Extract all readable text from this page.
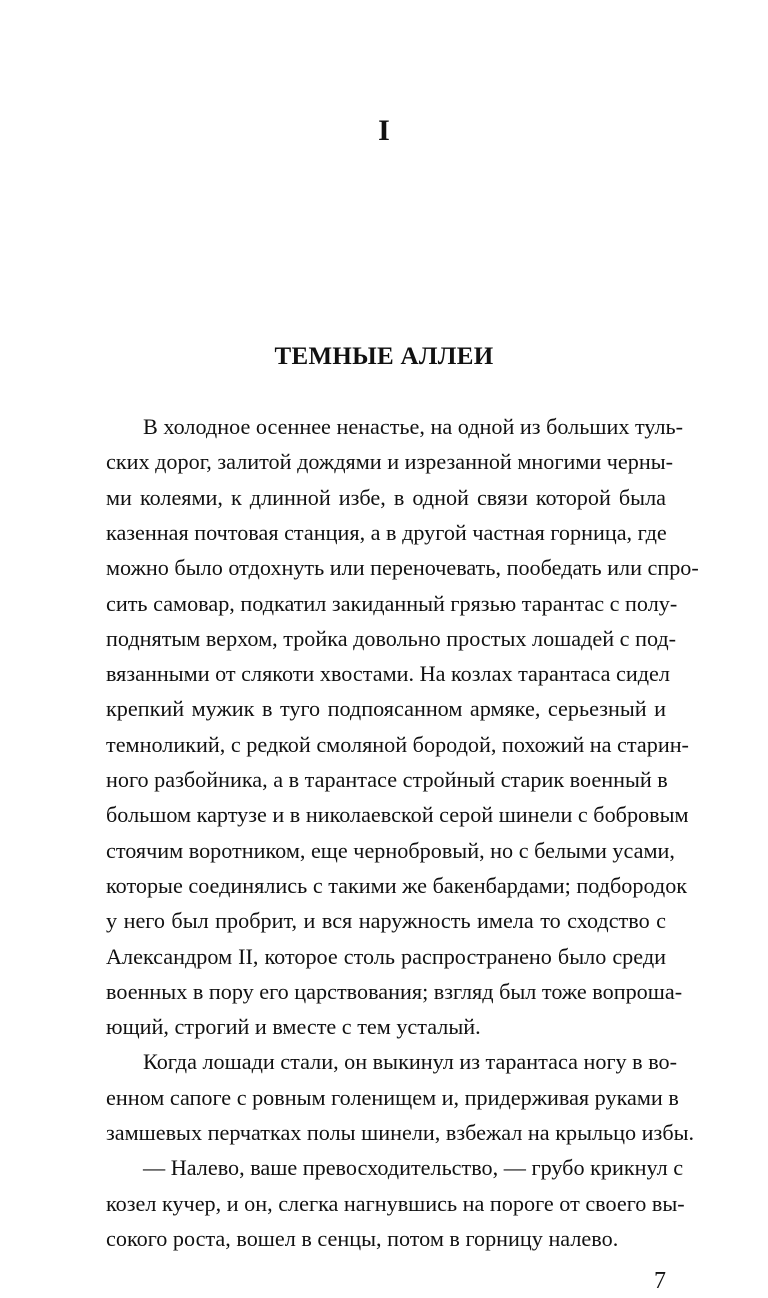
I
ТЕМНЫЕ АЛЛЕИ
В холодное осеннее ненастье, на одной из больших туль-
ских дорог, залитой дождями и изрезанной многими черны-
ми колеями, к длинной избе, в одной связи которой была
казенная почтовая станция, а в другой частная горница, где
можно было отдохнуть или переночевать, пообедать или спро-
сить самовар, подкатил закиданный грязью тарантас с полу-
поднятым верхом, тройка довольно простых лошадей с под-
вязанными от слякоти хвостами. На козлах тарантаса сидел
крепкий мужик в туго подпоясанном армяке, серьезный и
темноликий, с редкой смоляной бородой, похожий на старин-
ного разбойника, а в тарантасе стройный старик военный в
большом картузе и в николаевской серой шинели с бобровым
стоячим воротником, еще чернобровый, но с белыми усами,
которые соединялись с такими же бакенбардами; подбородок
у него был пробрит, и вся наружность имела то сходство с
Александром II, которое столь распространено было среди
военных в пору его царствования; взгляд был тоже вопроша-
ющий, строгий и вместе с тем усталый.
Когда лошади стали, он выкинул из тарантаса ногу в во-
енном сапоге с ровным голенищем и, придерживая руками в
замшевых перчатках полы шинели, взбежал на крыльцо избы.
— Налево, ваше превосходительство, — грубо крикнул с
козел кучер, и он, слегка нагнувшись на пороге от своего вы-
сокого роста, вошел в сенцы, потом в горницу налево.
7
